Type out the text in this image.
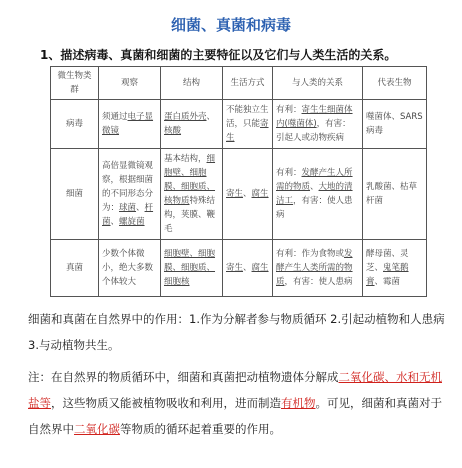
细菌、真菌和病毒
1、描述病毒、真菌和细菌的主要特征以及它们与人类生活的关系。
微生物类群	观察	结构	生活方式	与人类的关系	代表生物
病毒	须通过电子显微镜	蛋白质外壳、核酸	不能独立生活，只能寄生	有利：寄生生细菌体内(噬菌体)，有害：引起人或动物疾病	噬菌体、SARS病毒
细菌	高倍显微镜观察，根据细菌的不同形态分为：球菌、杆菌、螺旋菌	基本结构，细胞壁、细胞膜、细胞质、核物质特殊结构，荚膜、鞭毛	寄生、腐生	有利：发酵产生人所需的物质、大地的清洁工，有害：使人患病	乳酸菌、枯草杆菌
真菌	少数个体微小，绝大多数个体较大	细胞壁、细胞膜、细胞质、细胞核	寄生、腐生	有利：作为食物或发酵产生人类所需的物质，有害：使人患病	酵母菌、灵芝、鬼笔鹅膏、霉菌
细菌和真菌在自然界中的作用：1.作为分解者参与物质循环 2.引起动植物和人患病 3.与动植物共生。
注：在自然界的物质循环中，细菌和真菌把动植物遗体分解成二氧化碳、水和无机盐等，这些物质又能被植物吸收和利用，进而制造有机物。可见，细菌和真菌对于自然界中二氧化碳等物质的循环起着重要的作用。
